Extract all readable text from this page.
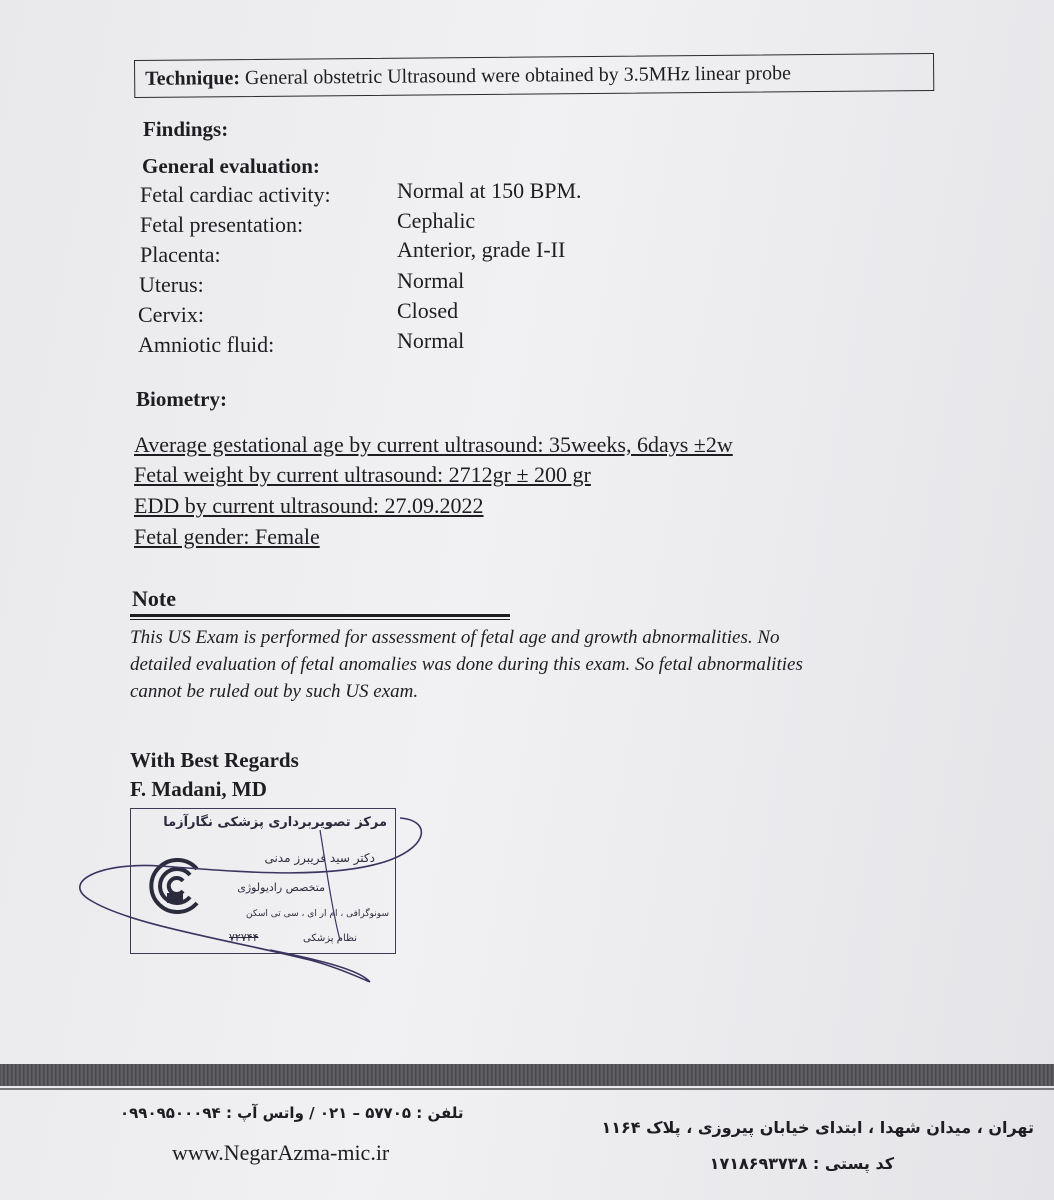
Technique: General obstetric Ultrasound were obtained by 3.5MHz linear probe
Findings:
General evaluation:
Fetal cardiac activity:	Normal at 150 BPM.
Fetal presentation:	Cephalic
Placenta:	Anterior, grade I-II
Uterus:	Normal
Cervix:	Closed
Amniotic fluid:	Normal
Biometry:
Average gestational age by current ultrasound: 35weeks, 6days ±2w
Fetal weight by current ultrasound: 2712gr ± 200 gr
EDD by current ultrasound: 27.09.2022
Fetal gender: Female
Note
This US Exam is performed for assessment of fetal age and growth abnormalities. No
detailed evaluation of fetal anomalies was done during this exam. So fetal abnormalities
cannot be ruled out by such US exam.
With Best Regards
F. Madani, MD
مرکز تصویربرداری پزشکی نگارآزما
دکتر سید فریبرز مدنی
متخصص رادیولوژی
سونوگرافی ، ام ار ای ، سی تی اسکن
نظام پزشکی
۷۲۷۴۴
تلفن : ۵۷۷۰۵ – ۰۲۱ / واتس آپ : ۰۹۹۰۹۵۰۰۰۹۴
www.NegarAzma-mic.ir
تهران ، میدان شهدا ، ابتدای خیابان پیروزی ، پلاک ۱۱۶۴
کد پستی : ۱۷۱۸۶۹۳۷۳۸
